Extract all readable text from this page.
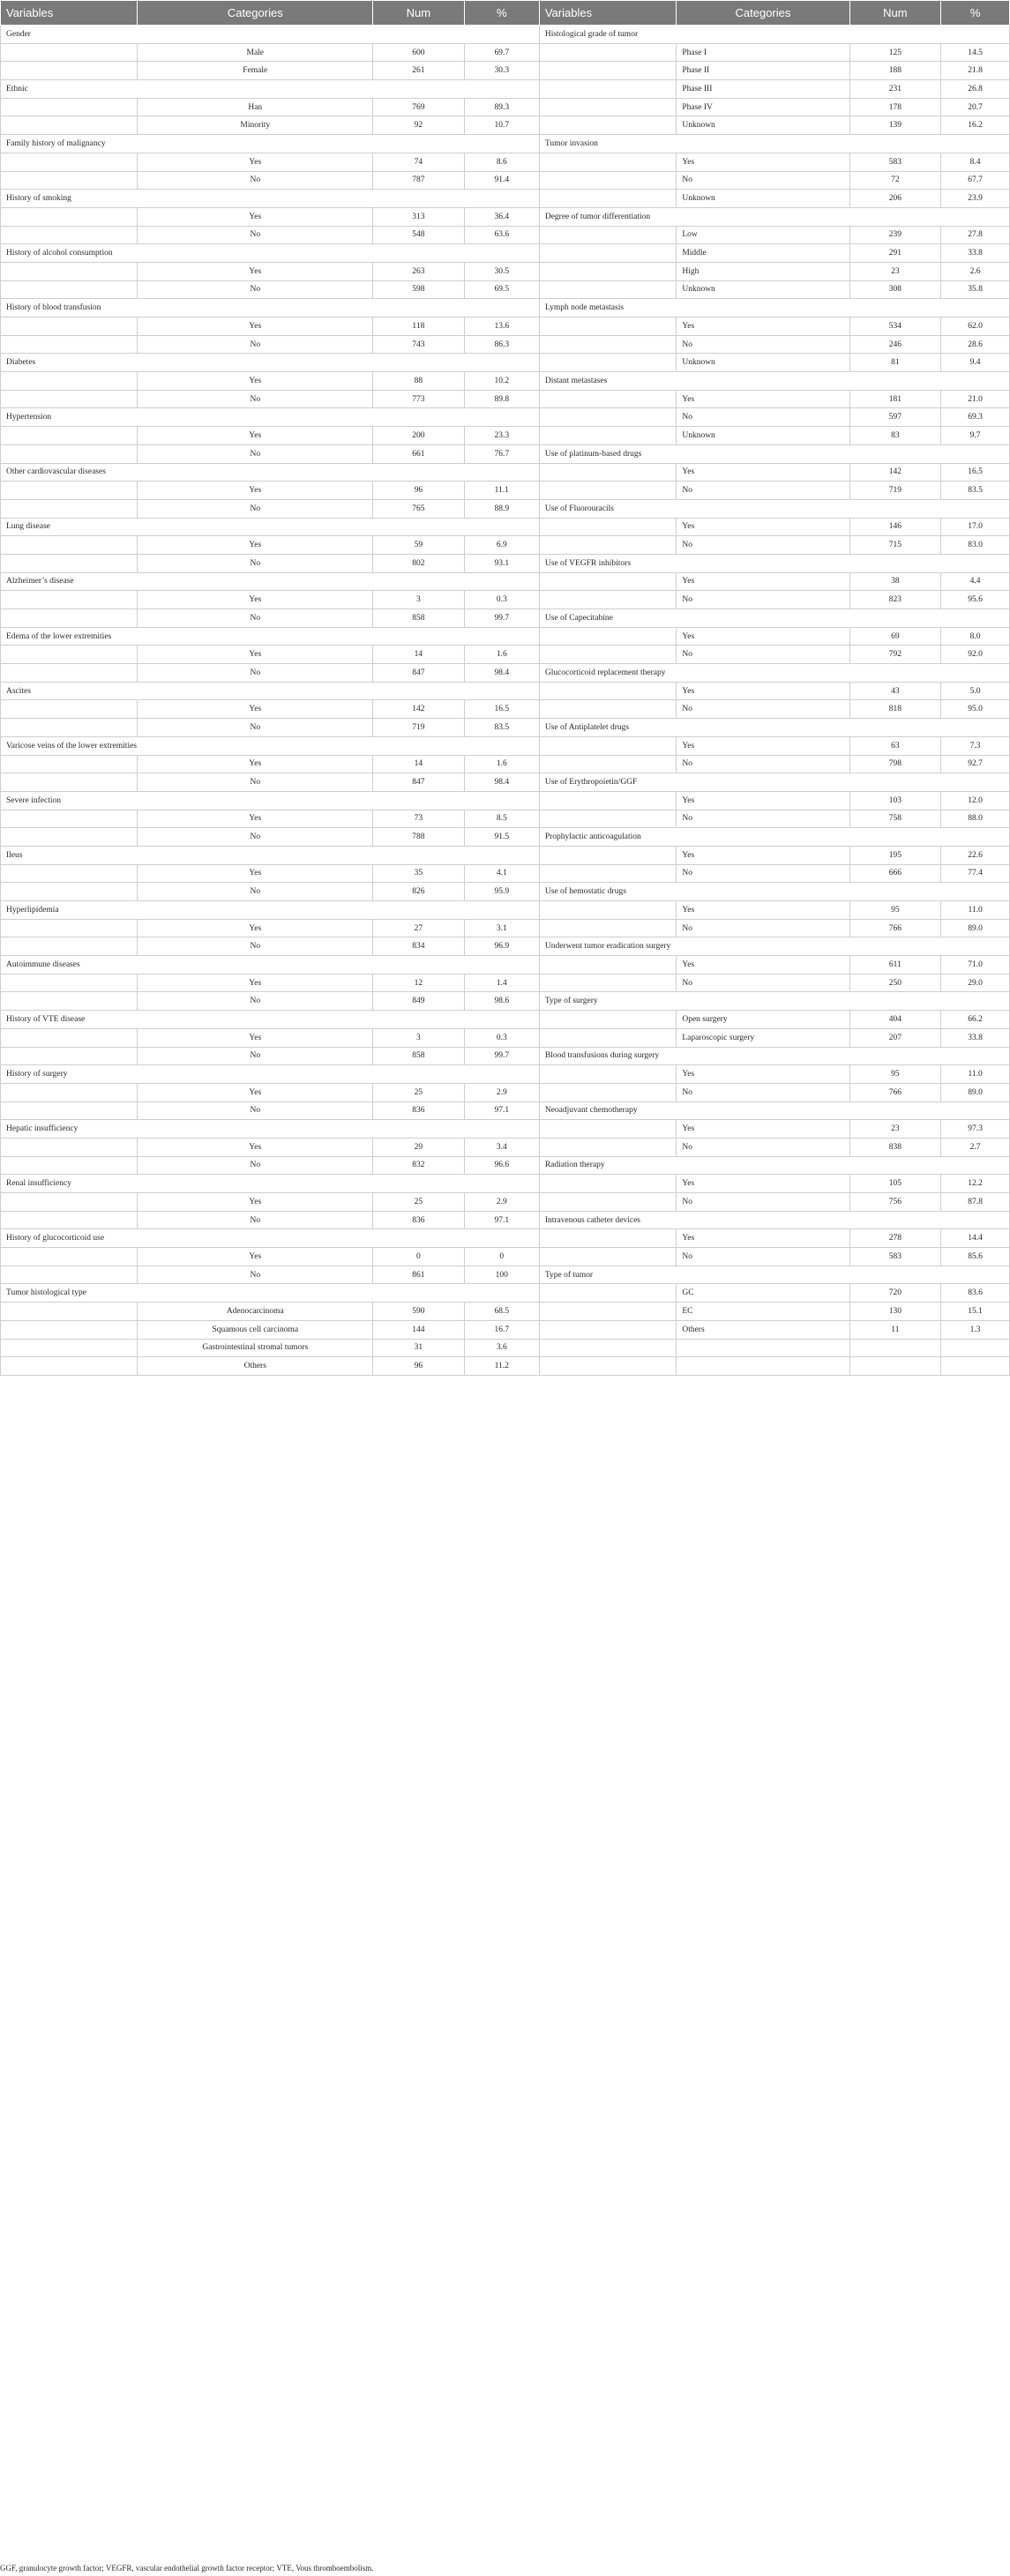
Variables	Categories	Num	%	Variables	Categories	Num	%
Gender				Histological grade of tumor			
	Male	600	69.7		Phase I	125	14.5
	Female	261	30.3		Phase II	188	21.8
Ethnic					Phase III	231	26.8
	Han	769	89.3		Phase IV	178	20.7
	Minority	92	10.7		Unknown	139	16.2
Family history of malignancy				Tumor invasion			
	Yes	74	8.6		Yes	583	8.4
	No	787	91.4		No	72	67.7
History of smoking					Unknown	206	23.9
	Yes	313	36.4	Degree of tumor differentiation			
	No	548	63.6		Low	239	27.8
History of alcohol consumption					Middle	291	33.8
	Yes	263	30.5		High	23	2.6
	No	598	69.5		Unknown	308	35.8
History of blood transfusion				Lymph node metastasis			
	Yes	118	13.6		Yes	534	62.0
	No	743	86.3		No	246	28.6
Diabetes					Unknown	81	9.4
	Yes	88	10.2	Distant metastases			
	No	773	89.8		Yes	181	21.0
Hypertension					No	597	69.3
	Yes	200	23.3		Unknown	83	9.7
	No	661	76.7	Use of platinum-based drugs			
Other cardiovascular diseases					Yes	142	16.5
	Yes	96	11.1		No	719	83.5
	No	765	88.9	Use of Fluorouracils			
Lung disease					Yes	146	17.0
	Yes	59	6.9		No	715	83.0
	No	802	93.1	Use of VEGFR inhibitors			
Alzheimer’s disease					Yes	38	4.4
	Yes	3	0.3		No	823	95.6
	No	858	99.7	Use of Capecitabine			
Edema of the lower extremities					Yes	69	8.0
	Yes	14	1.6		No	792	92.0
	No	847	98.4	Glucocorticoid replacement therapy			
Ascites					Yes	43	5.0
	Yes	142	16.5		No	818	95.0
	No	719	83.5	Use of Antiplatelet drugs			
Varicose veins of the lower extremities					Yes	63	7.3
	Yes	14	1.6		No	798	92.7
	No	847	98.4	Use of Erythropoietin/GGF			
Severe infection					Yes	103	12.0
	Yes	73	8.5		No	758	88.0
	No	788	91.5	Prophylactic anticoagulation			
Ileus					Yes	195	22.6
	Yes	35	4.1		No	666	77.4
	No	826	95.9	Use of hemostatic drugs			
Hyperlipidemia					Yes	95	11.0
	Yes	27	3.1		No	766	89.0
	No	834	96.9	Underwent tumor eradication surgery			
Autoimmune diseases					Yes	611	71.0
	Yes	12	1.4		No	250	29.0
	No	849	98.6	Type of surgery			
History of VTE disease					Open surgery	404	66.2
	Yes	3	0.3		Laparoscopic surgery	207	33.8
	No	858	99.7	Blood transfusions during surgery			
History of surgery					Yes	95	11.0
	Yes	25	2.9		No	766	89.0
	No	836	97.1	Neoadjuvant chemotherapy			
Hepatic insufficiency					Yes	23	97.3
	Yes	29	3.4		No	838	2.7
	No	832	96.6	Radiation therapy			
Renal insufficiency					Yes	105	12.2
	Yes	25	2.9		No	756	87.8
	No	836	97.1	Intravenous catheter devices			
History of glucocorticoid use					Yes	278	14.4
	Yes	0	0		No	583	85.6
	No	861	100	Type of tumor			
Tumor histological type					GC	720	83.6
	Adenocarcinoma	590	68.5		EC	130	15.1
	Squamous cell carcinoma	144	16.7		Others	11	1.3
	Gastrointestinal stromal tumors	31	3.6				
	Others	96	11.2				
GGF, granulocyte growth factor; VEGFR, vascular endothelial growth factor receptor; VTE, Vous thromboembolism.
